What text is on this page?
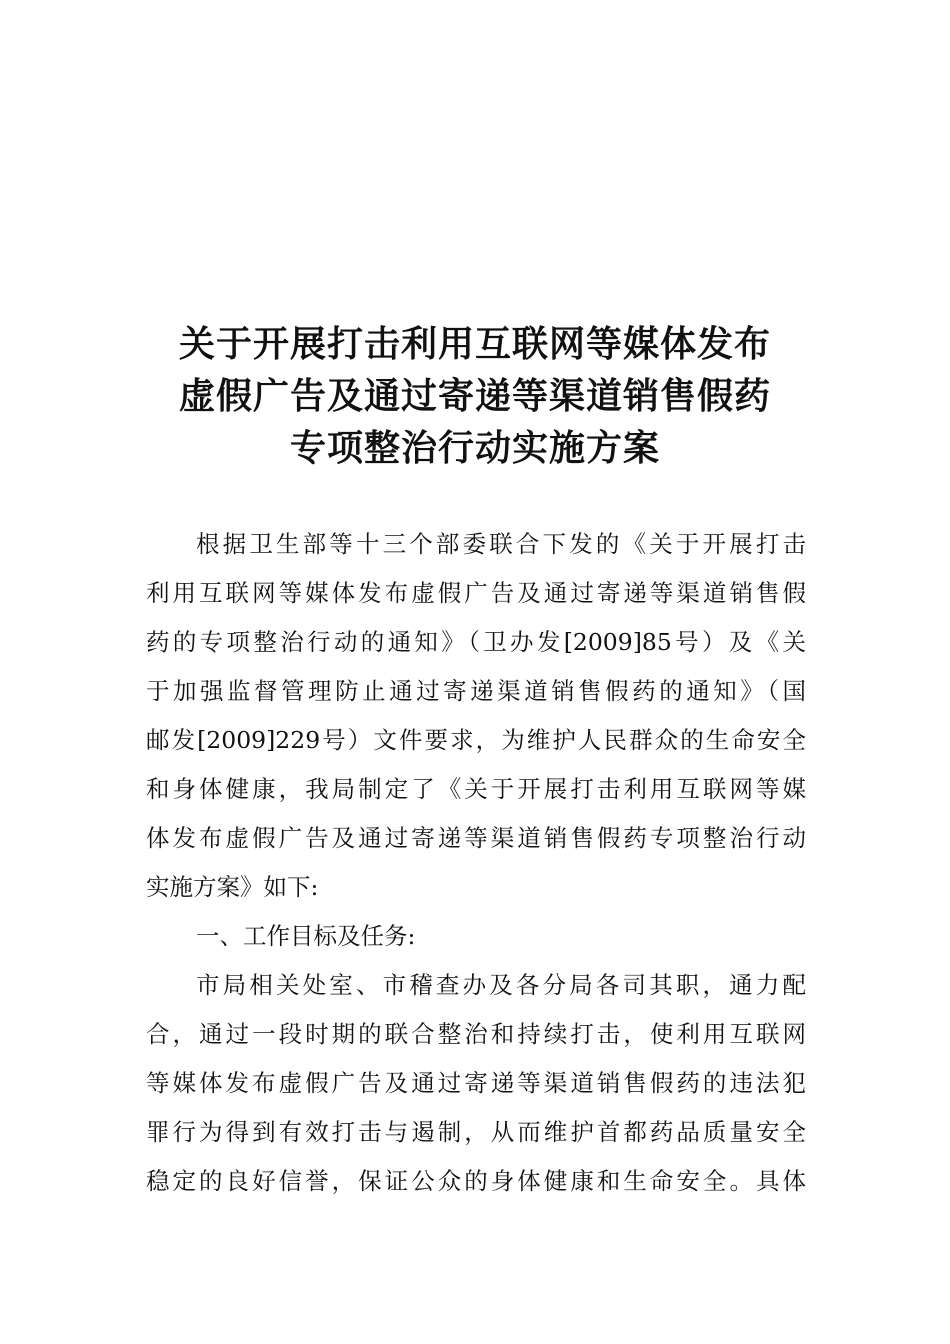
关于开展打击利用互联网等媒体发布
虚假广告及通过寄递等渠道销售假药
专项整治行动实施方案
根据卫生部等十三个部委联合下发的《关于开展打击
利用互联网等媒体发布虚假广告及通过寄递等渠道销售假
药的专项整治行动的通知》（卫办发[2009]85号）及《关
于加强监督管理防止通过寄递渠道销售假药的通知》（国
邮发[2009]229号）文件要求，为维护人民群众的生命安全
和身体健康，我局制定了《关于开展打击利用互联网等媒
体发布虚假广告及通过寄递等渠道销售假药专项整治行动
实施方案》如下:
一、工作目标及任务:
市局相关处室、市稽查办及各分局各司其职，通力配
合，通过一段时期的联合整治和持续打击，使利用互联网
等媒体发布虚假广告及通过寄递等渠道销售假药的违法犯
罪行为得到有效打击与遏制，从而维护首都药品质量安全
稳定的良好信誉，保证公众的身体健康和生命安全。具体
